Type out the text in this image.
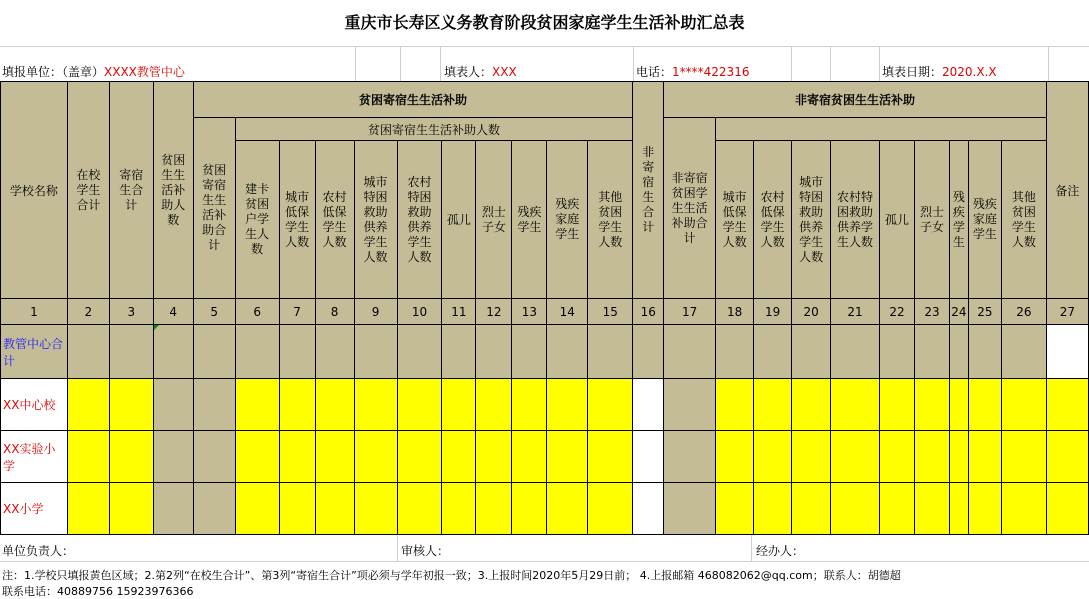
重庆市长寿区义务教育阶段贫困家庭学生生活补助汇总表
填报单位：（盖章）XXXX教管中心	填表人：XXX	电话：1****422316	填表日期：2020.X.X
学校名称	在校学生合计	寄宿生合计	贫困生生活补助人数	贫困寄宿生生活补助											非寄宿生合计	非寄宿贫困生生活补助										备注

				贫困寄宿生生活补助合计	贫困寄宿生生活补助人数											非寄宿贫困学生生活补助合计										

					建卡贫困户学生人数	城市低保学生人数	农村低保学生人数	城市特困救助供养学生人数	农村特困救助供养学生人数	孤儿	烈士子女	残疾学生	残疾家庭学生	其他贫困学生人数			城市低保学生人数	农村低保学生人数	城市特困救助供养学生人数	农村特困救助供养学生人数	孤儿	烈士子女	残疾学生	残疾家庭学生	其他贫困学生人数	

1	2	3	4	5	6	7	8	9	10	11	12	13	14	15	16	17	18	19	20	21	22	23	24	25	26	27
教管中心合计			

XX中心校																										
XX实验小学																										
XX小学																										
单位负责人：	审核人：	经办人：
注：1.学校只填报黄色区域；2.第2列“在校生合计”、第3列“寄宿生合计”项必须与学年初报一致；3.上报时间2020年5月29日前； 4.上报邮箱 468082062@qq.com；联系人：胡德超
联系电话：40889756 15923976366
